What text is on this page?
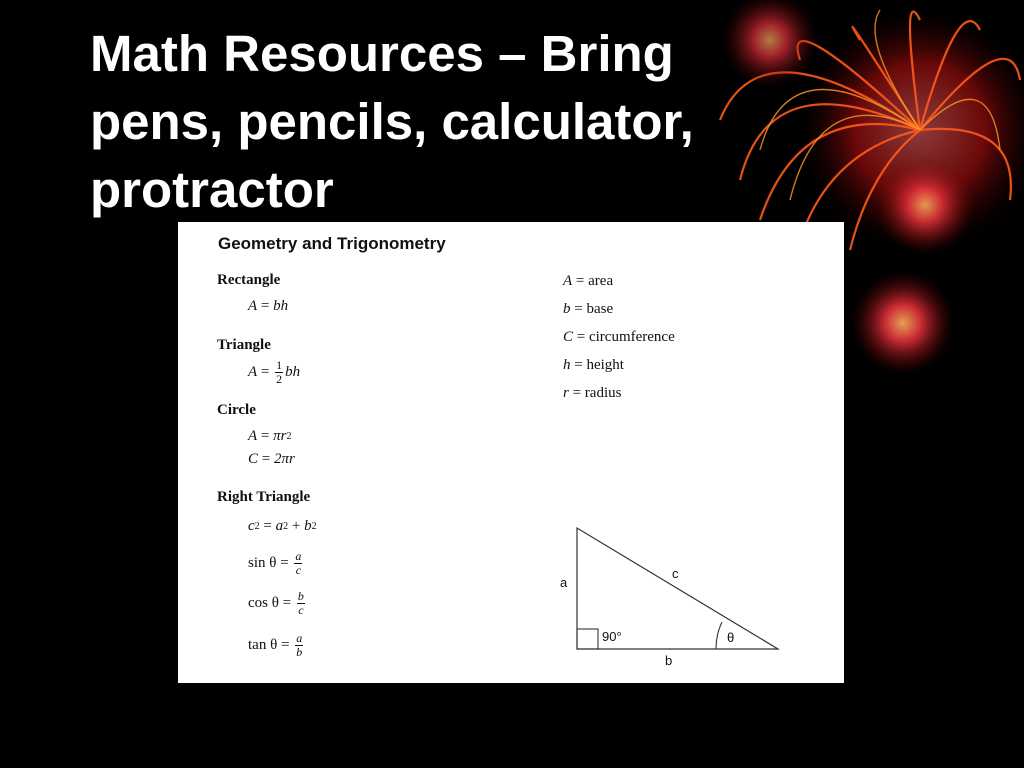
Math Resources – Bring
pens, pencils, calculator,
protractor
Geometry and Trigonometry
Rectangle
A = bh
Triangle
$A = \frac{1}{2}$ bh
Circle
A = πr 2
C = 2πr
Right Triangle
c 2 = a 2
+
b 2
sin θ =
$\frac{a}{c}$
cos θ =
$\frac{b}{c}$
tan θ =
$\frac{a}{b}$
A = area
b = base
C = circumference
h = height
r = radius
a
c
b
90°	θ
